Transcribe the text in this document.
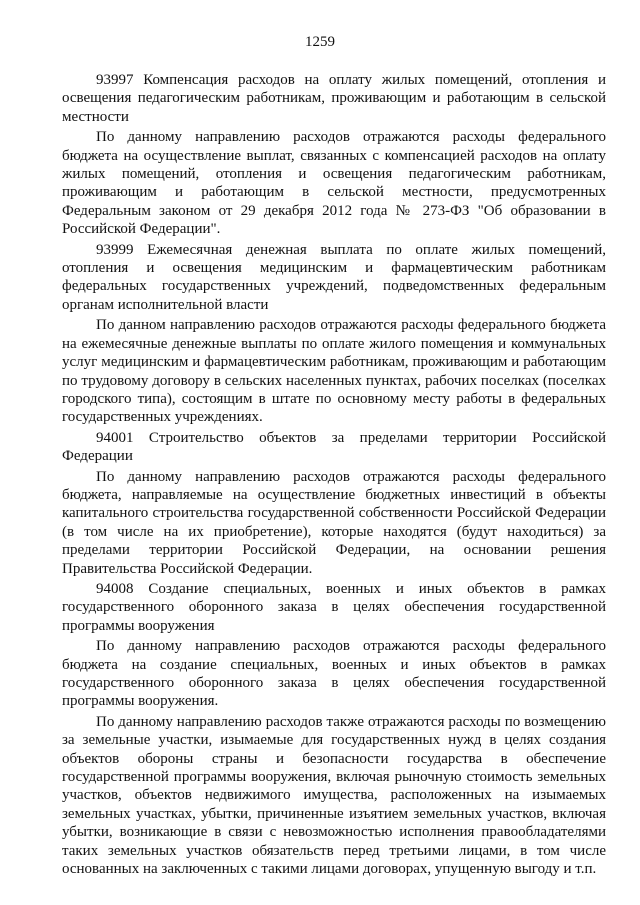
1259

93997 Компенсация расходов на оплату жилых помещений, отопления и освещения педагогическим работникам, проживающим и работающим в сельской местности

По данному направлению расходов отражаются расходы федерального бюджета на осуществление выплат, связанных с компенсацией расходов на оплату жилых помещений, отопления и освещения педагогическим работникам, проживающим и работающим в сельской местности, предусмотренных Федеральным законом от 29 декабря 2012 года № 273-ФЗ "Об образовании в Российской Федерации".

93999 Ежемесячная денежная выплата по оплате жилых помещений, отопления и освещения медицинским и фармацевтическим работникам федеральных государственных учреждений, подведомственных федеральным органам исполнительной власти

По данном направлению расходов отражаются расходы федерального бюджета на ежемесячные денежные выплаты по оплате жилого помещения и коммунальных услуг медицинским и фармацевтическим работникам, проживающим и работающим по трудовому договору в сельских населенных пунктах, рабочих поселках (поселках городского типа), состоящим в штате по основному месту работы в федеральных государственных учреждениях.

94001 Строительство объектов за пределами территории Российской Федерации

По данному направлению расходов отражаются расходы федерального бюджета, направляемые на осуществление бюджетных инвестиций в объекты капитального строительства государственной собственности Российской Федерации (в том числе на их приобретение), которые находятся (будут находиться) за пределами территории Российской Федерации, на основании решения Правительства Российской Федерации.

94008 Создание специальных, военных и иных объектов в рамках государственного оборонного заказа в целях обеспечения государственной программы вооружения

По данному направлению расходов отражаются расходы федерального бюджета на создание специальных, военных и иных объектов в рамках государственного оборонного заказа в целях обеспечения государственной программы вооружения.

По данному направлению расходов также отражаются расходы по возмещению за земельные участки, изымаемые для государственных нужд в целях создания объектов обороны страны и безопасности государства в обеспечение государственной программы вооружения, включая рыночную стоимость земельных участков, объектов недвижимого имущества, расположенных на изымаемых земельных участках, убытки, причиненные изъятием земельных участков, включая убытки, возникающие в связи с невозможностью исполнения правообладателями таких земельных участков обязательств перед третьими лицами, в том числе основанных на заключенных с такими лицами договорах, упущенную выгоду и т.п.
